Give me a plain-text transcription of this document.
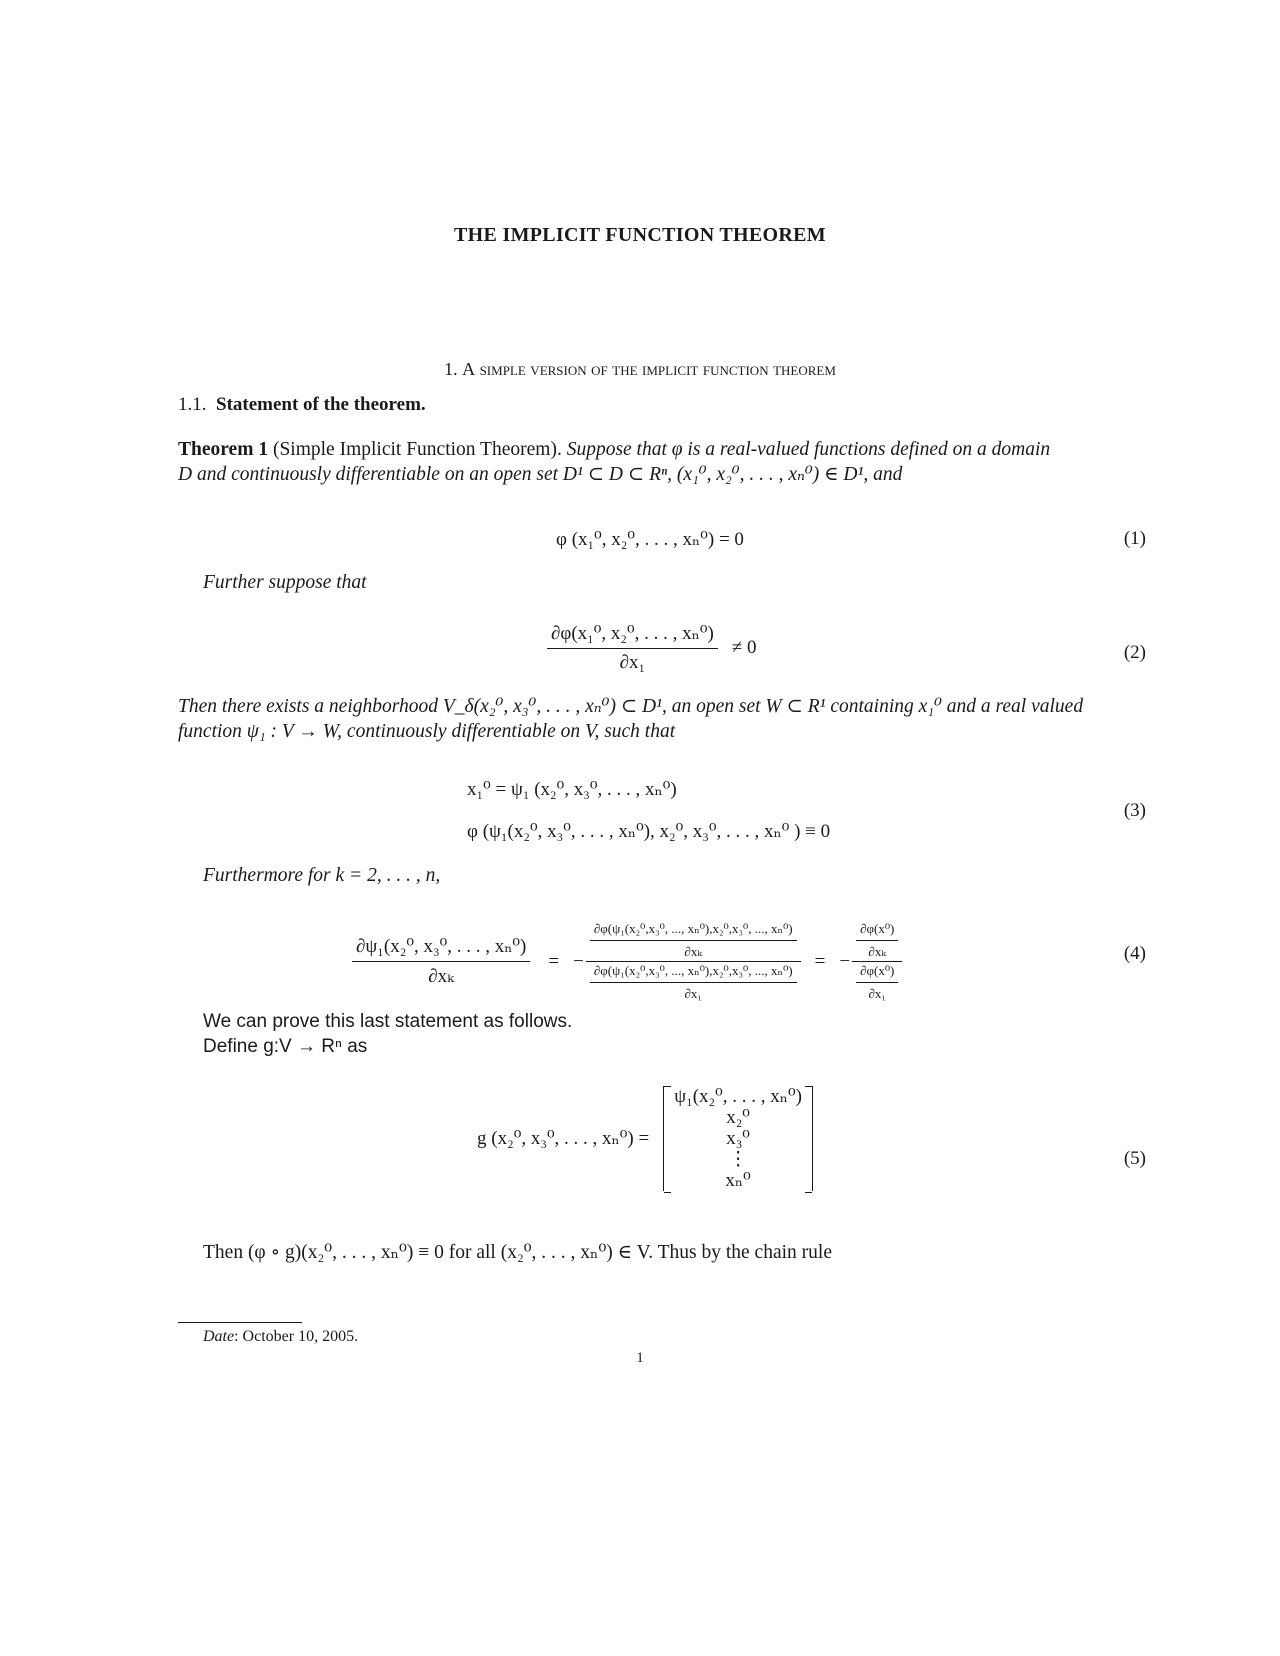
THE IMPLICIT FUNCTION THEOREM
1. A simple version of the implicit function theorem
1.1. Statement of the theorem.
Theorem 1 (Simple Implicit Function Theorem). Suppose that φ is a real-valued functions defined on a domain
D and continuously differentiable on an open set D¹ ⊂ D ⊂ Rⁿ, (x₁⁰, x₂⁰, . . . , xₙ⁰) ∈ D¹, and
φ (x₁⁰, x₂⁰, . . . , xₙ⁰) = 0	(1)
Further suppose that
$\frac{\text{∂φ(x₁⁰, x₂⁰, . . . , xₙ⁰)}}{\text{∂x₁}} \ne 0$	(2)
Then there exists a neighborhood V_δ(x₂⁰, x₃⁰, . . . , xₙ⁰) ⊂ D¹, an open set W ⊂ R¹ containing x₁⁰ and a real valued
function ψ₁ : V → W, continuously differentiable on V, such that
x₁⁰ = ψ₁ (x₂⁰, x₃⁰, . . . , xₙ⁰)
φ (ψ₁(x₂⁰, x₃⁰, . . . , xₙ⁰), x₂⁰, x₃⁰, . . . , xₙ⁰ ) ≡ 0
(3)
Furthermore for k = 2, . . . , n,
$\frac{\text{∂ψ₁(x₂⁰, x₃⁰, . . . , xₙ⁰)}}{\text{∂xₖ}}$ = − $\frac{\frac{\text{∂φ(ψ₁(x₂⁰,x₃⁰, ..., xₙ⁰),x₂⁰,x₃⁰, ..., xₙ⁰)}}{\text{∂xₖ}}}{\frac{\text{∂φ(ψ₁(x₂⁰,x₃⁰, ..., xₙ⁰),x₂⁰,x₃⁰, ..., xₙ⁰)}}{\text{∂x₁}}}$ = − $\frac{\frac{\text{∂φ(x⁰)}}{\text{∂xₖ}}}{\frac{\text{∂φ(x⁰)}}{\text{∂x₁}}}$	(4)
We can prove this last statement as follows.
Define g:V → Rⁿ as
g (x₂⁰, x₃⁰, . . . , xₙ⁰) =
ψ₁(x₂⁰, . . . , xₙ⁰)
x₂⁰
x₃⁰
⋮
xₙ⁰
(5)
Then (φ ∘ g)(x₂⁰, . . . , xₙ⁰) ≡ 0 for all (x₂⁰, . . . , xₙ⁰) ∈ V. Thus by the chain rule
Date: October 10, 2005.
1
